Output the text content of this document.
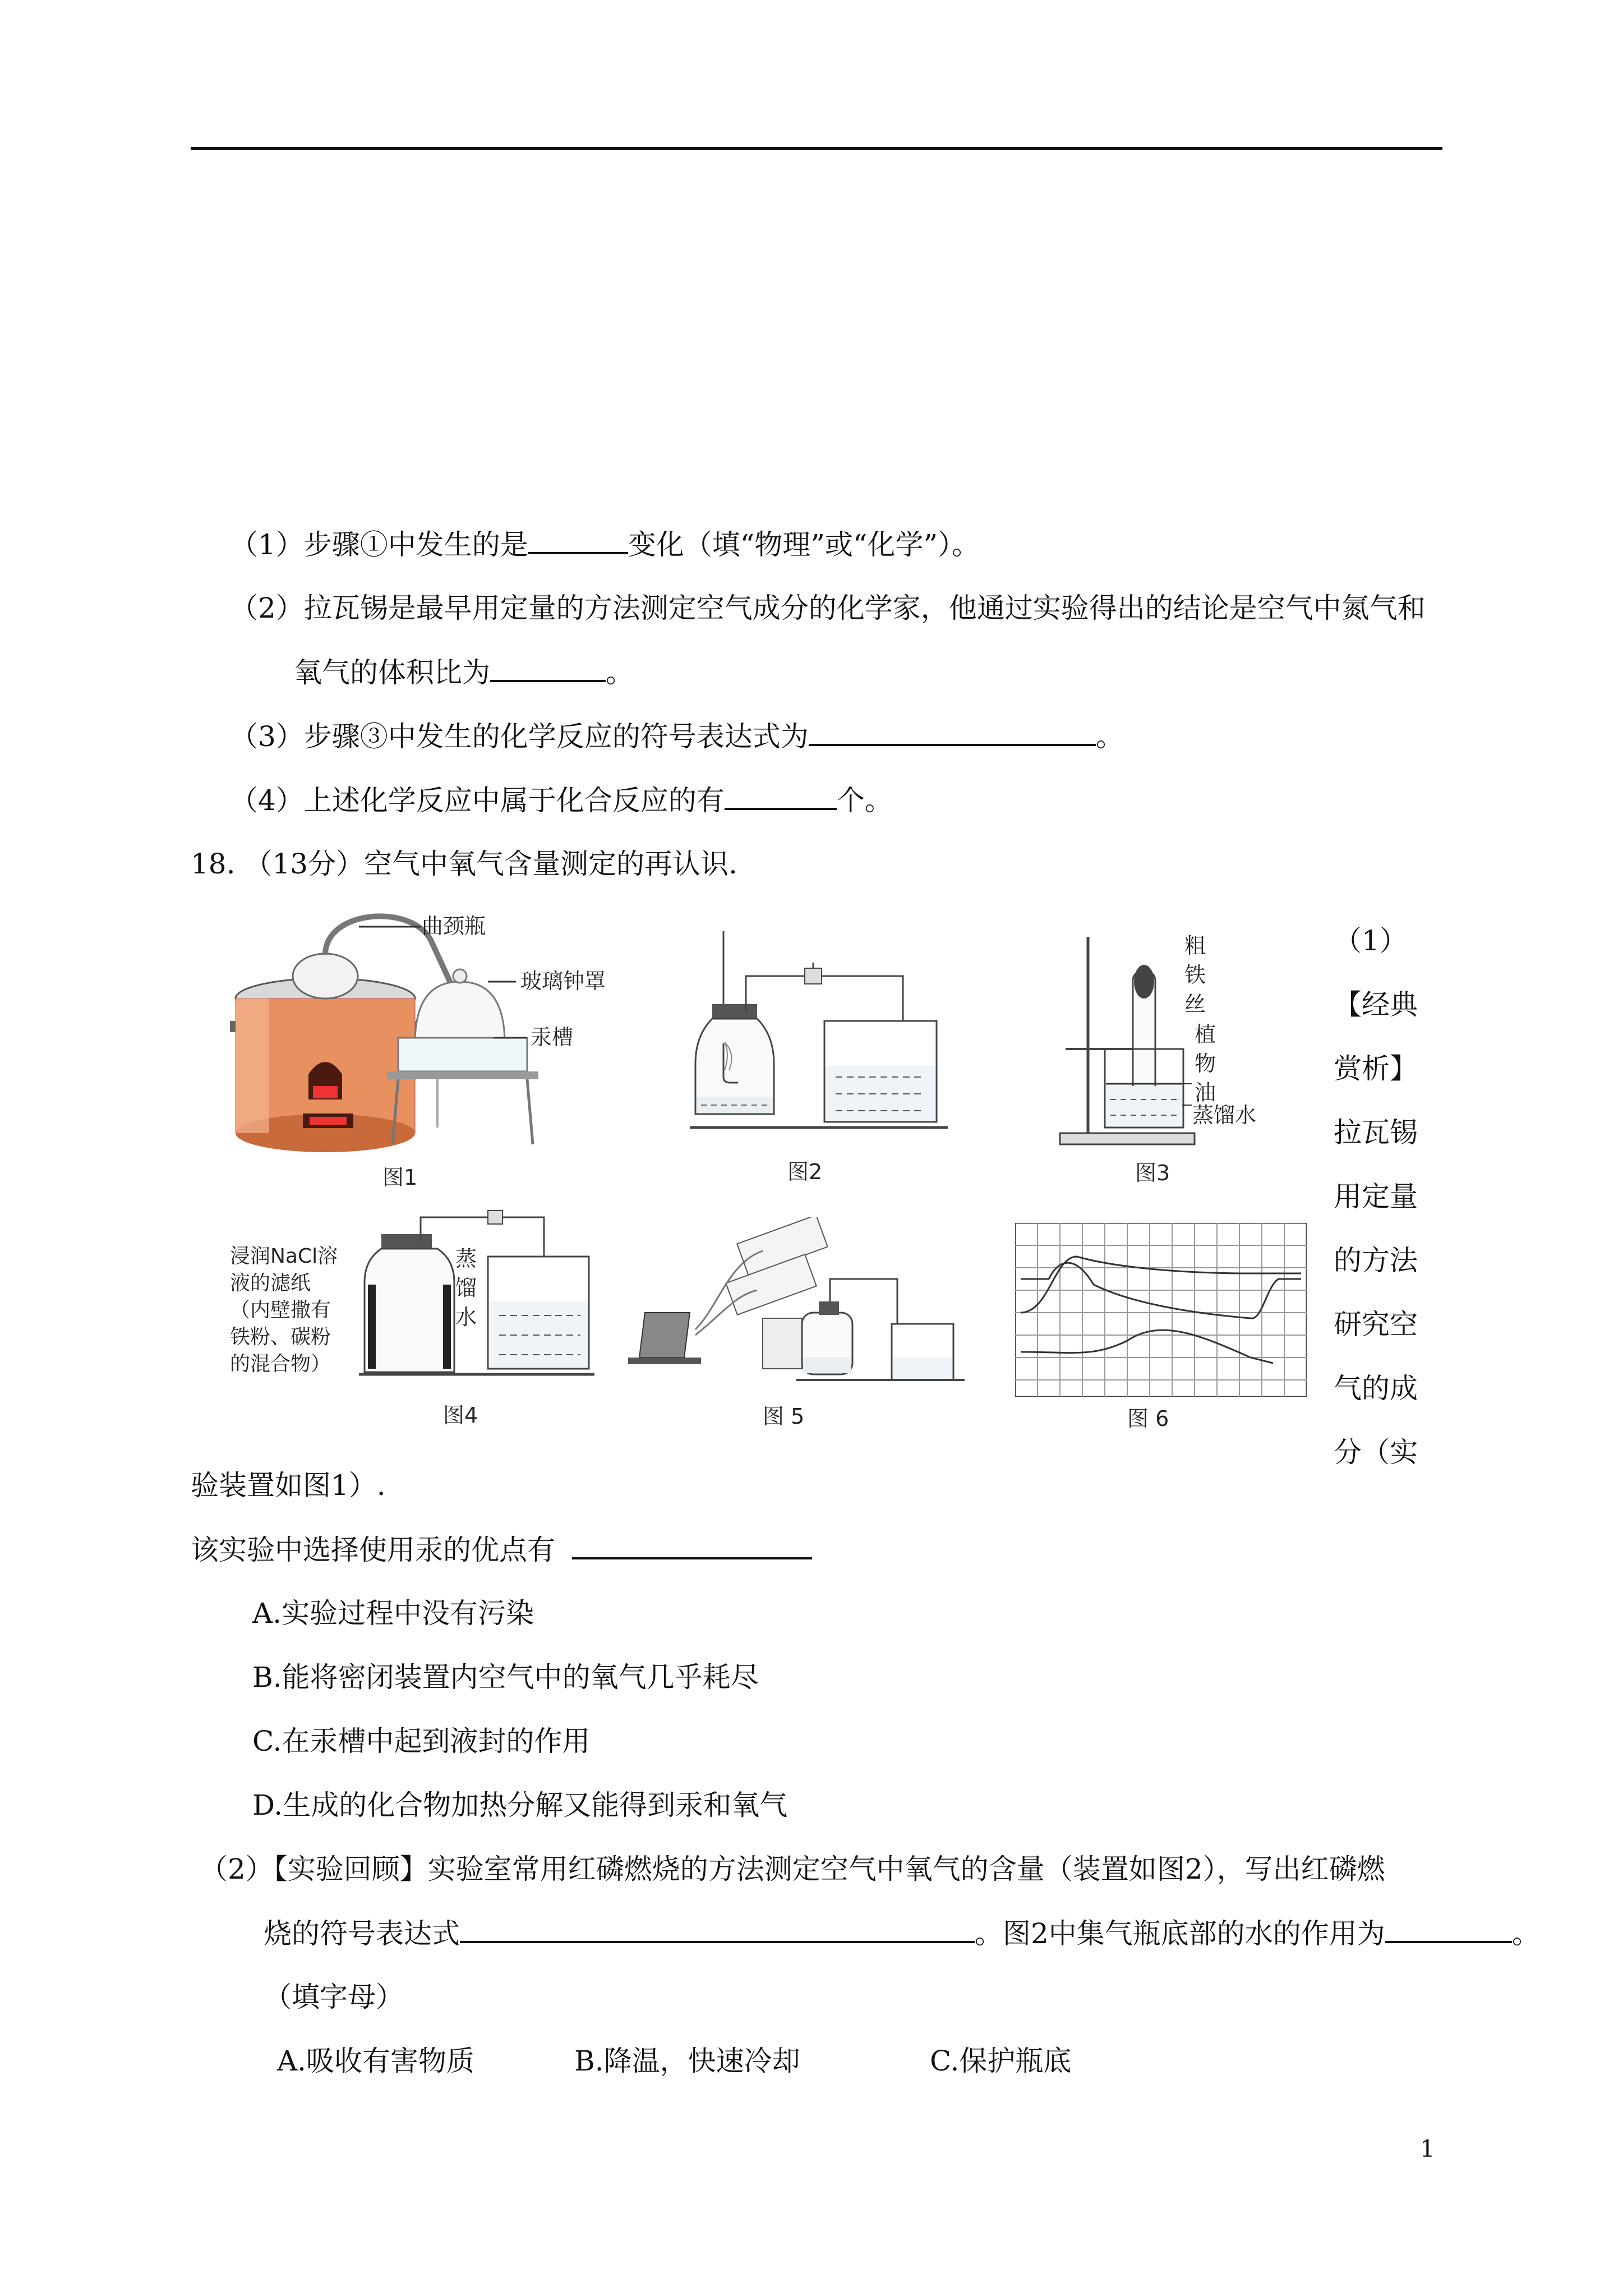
（1）步骤①中发生的是	变化（填“物理”或“化学”）。
（2）拉瓦锡是最早用定量的方法测定空气成分的化学家，他通过实验得出的结论是空气中氮气和
氧气的体积比为	。
（3）步骤③中发生的化学反应的符号表达式为	。
（4）上述化学反应中属于化合反应的有	个。
18. （13分）空气中氧气含量测定的再认识.
曲颈瓶
玻璃钟罩
汞槽
图1	图2
粗铁丝
植物油
蒸馏水
图3
浸润NaCl溶
液的滤纸
（内壁撒有
铁粉、碳粉
的混合物）
蒸馏水
图4	图 5	图 6
（1）
【经典
赏析】
拉瓦锡
用定量
的方法
研究空
气的成
分（实
验装置如图1）.
该实验中选择使用汞的优点有
A.实验过程中没有污染
B.能将密闭装置内空气中的氧气几乎耗尽
C.在汞槽中起到液封的作用
D.生成的化合物加热分解又能得到汞和氧气
（2）【实验回顾】实验室常用红磷燃烧的方法测定空气中氧气的含量（装置如图2），写出红磷燃
烧的符号表达式	。图2中集气瓶底部的水的作用为	。
（填字母）
A.吸收有害物质	B.降温，快速冷却	C.保护瓶底
1
